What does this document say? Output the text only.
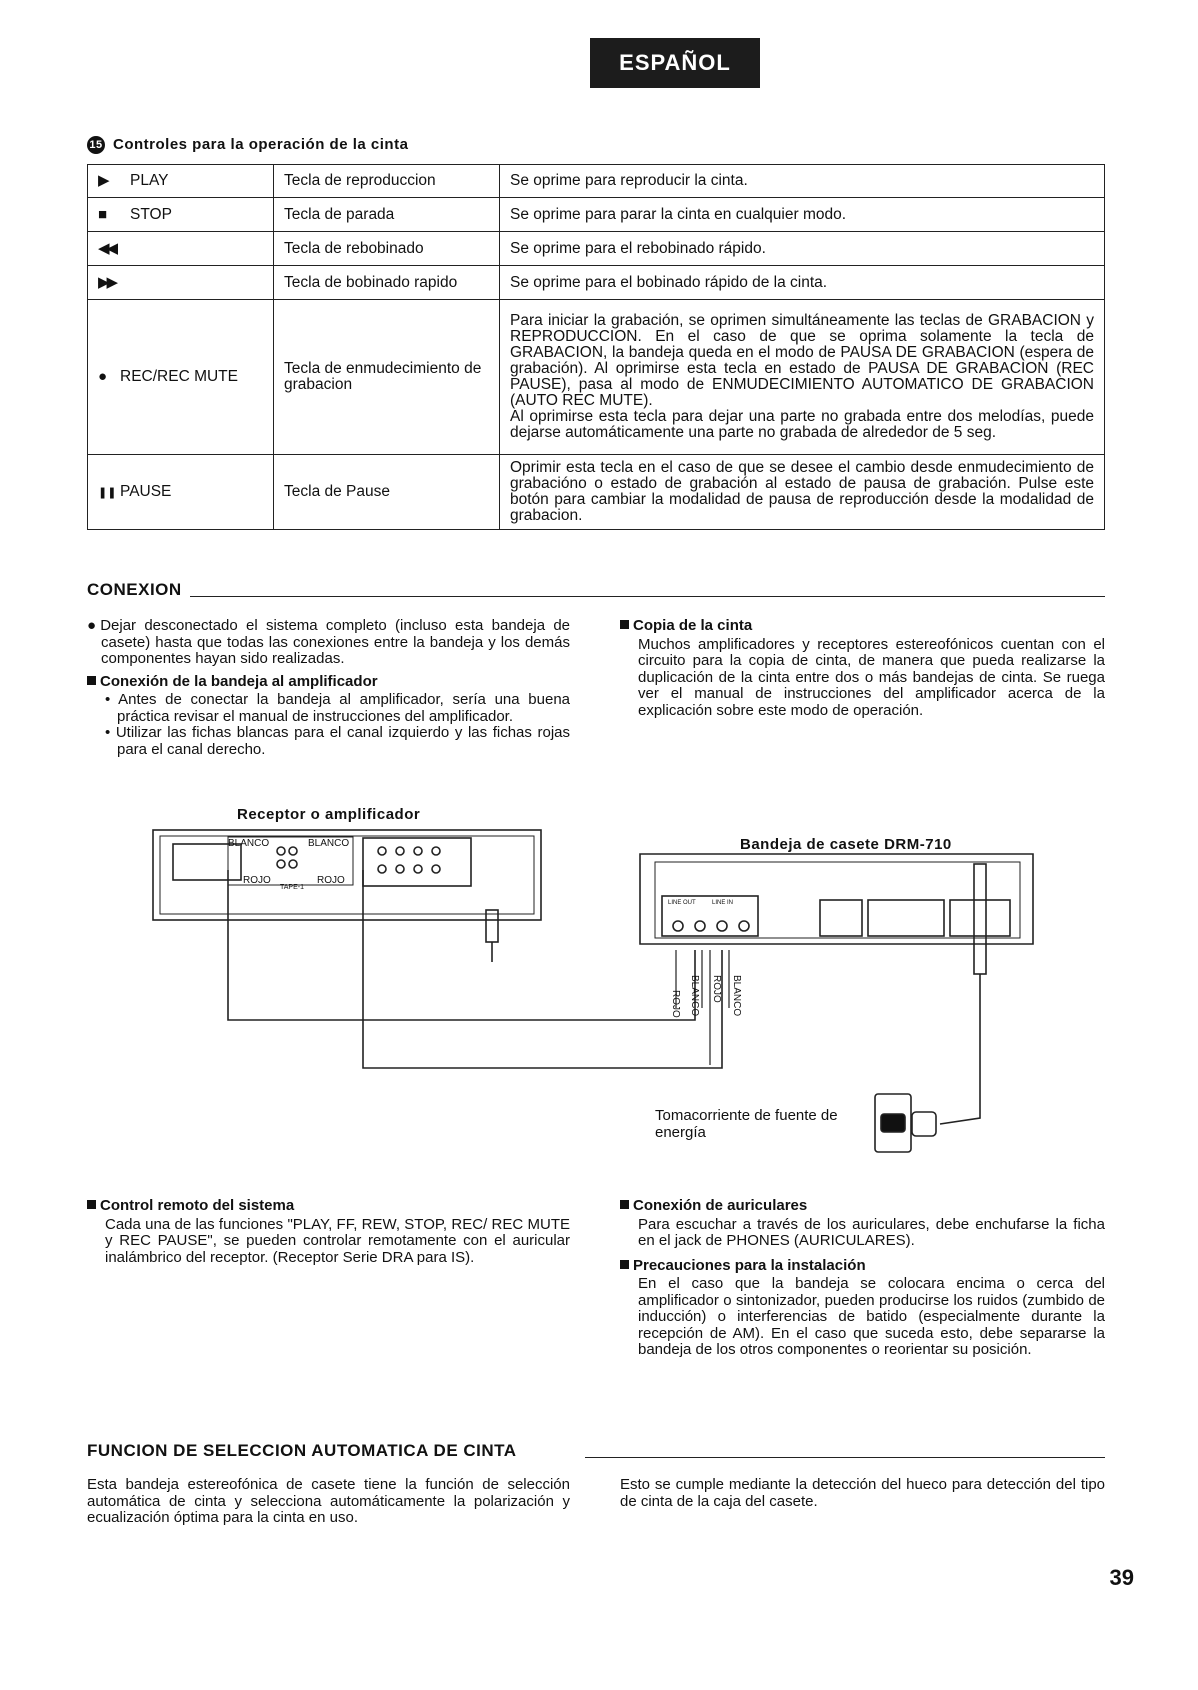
ESPAÑOL
15 Controles para la operación de la cinta
▶ PLAY	Tecla de reproduccion	Se oprime para reproducir la cinta.
■ STOP	Tecla de parada	Se oprime para parar la cinta en cualquier modo.
◀◀	Tecla de rebobinado	Se oprime para el rebobinado rápido.
▶▶	Tecla de bobinado rapido	Se oprime para el bobinado rápido de la cinta.
● REC/REC MUTE	Tecla de enmudecimiento de grabacion	Para iniciar la grabación, se oprimen simultáneamente las teclas de GRABACION y REPRODUCCION. En el caso de que se oprima solamente la tecla de GRABACION, la bandeja queda en el modo de PAUSA DE GRABACION (espera de grabación). Al oprimirse esta tecla en estado de PAUSA DE GRABACION (REC PAUSE), pasa al modo de ENMUDECIMIENTO AUTOMATICO DE GRABACION (AUTO REC MUTE).
Al oprimirse esta tecla para dejar una parte no grabada entre dos melodías, puede dejarse automáticamente una parte no grabada de alrededor de 5 seg.

❚❚ PAUSE	Tecla de Pause	Oprimir esta tecla en el caso de que se desee el cambio desde enmudecimiento de grabacióno o estado de grabación al estado de pausa de grabación. Pulse este botón para cambiar la modalidad de pausa de reproducción desde la modalidad de grabacion.
CONEXION
●Dejar desconectado el sistema completo (incluso esta bandeja de casete) hasta que todas las conexiones entre la bandeja y los demás componentes hayan sido realizadas.
Conexión de la bandeja al amplificador
• Antes de conectar la bandeja al amplificador, sería una buena práctica revisar el manual de instrucciones del amplificador.
• Utilizar las fichas blancas para el canal izquierdo y las fichas rojas para el canal derecho.
Copia de la cinta
Muchos amplificadores y receptores estereofónicos cuentan con el circuito para la copia de cinta, de manera que pueda realizarse la duplicación de la cinta entre dos o más bandejas de cinta. Se ruega ver el manual de instrucciones del amplificador acerca de la explicación sobre este modo de operación.
Receptor o amplificador
Bandeja de casete DRM-710
Tomacorriente de fuente de energía
BLANCO	BLANCO
ROJO	ROJO
TAPE-1
LINE OUT	LINE IN
ROJO BLANCO ROJO BLANCO
Control remoto del sistema
Cada una de las funciones "PLAY, FF, REW, STOP, REC/ REC MUTE y REC PAUSE", se pueden controlar remotamente con el auricular inalámbrico del receptor. (Receptor Serie DRA para IS).
Conexión de auriculares
Para escuchar a través de los auriculares, debe enchufarse la ficha en el jack de PHONES (AURICULARES).
Precauciones para la instalación
En el caso que la bandeja se colocara encima o cerca del amplificador o sintonizador, pueden producirse los ruidos (zumbido de inducción) o interferencias de batido (especialmente durante la recepción de AM). En el caso que suceda esto, debe separarse la bandeja de los otros componentes o reorientar su posición.
FUNCION DE SELECCION AUTOMATICA DE CINTA
Esta bandeja estereofónica de casete tiene la función de selección automática de cinta y selecciona automáticamente la polarización y ecualización óptima para la cinta en uso.
Esto se cumple mediante la detección del hueco para detección del tipo de cinta de la caja del casete.
39
